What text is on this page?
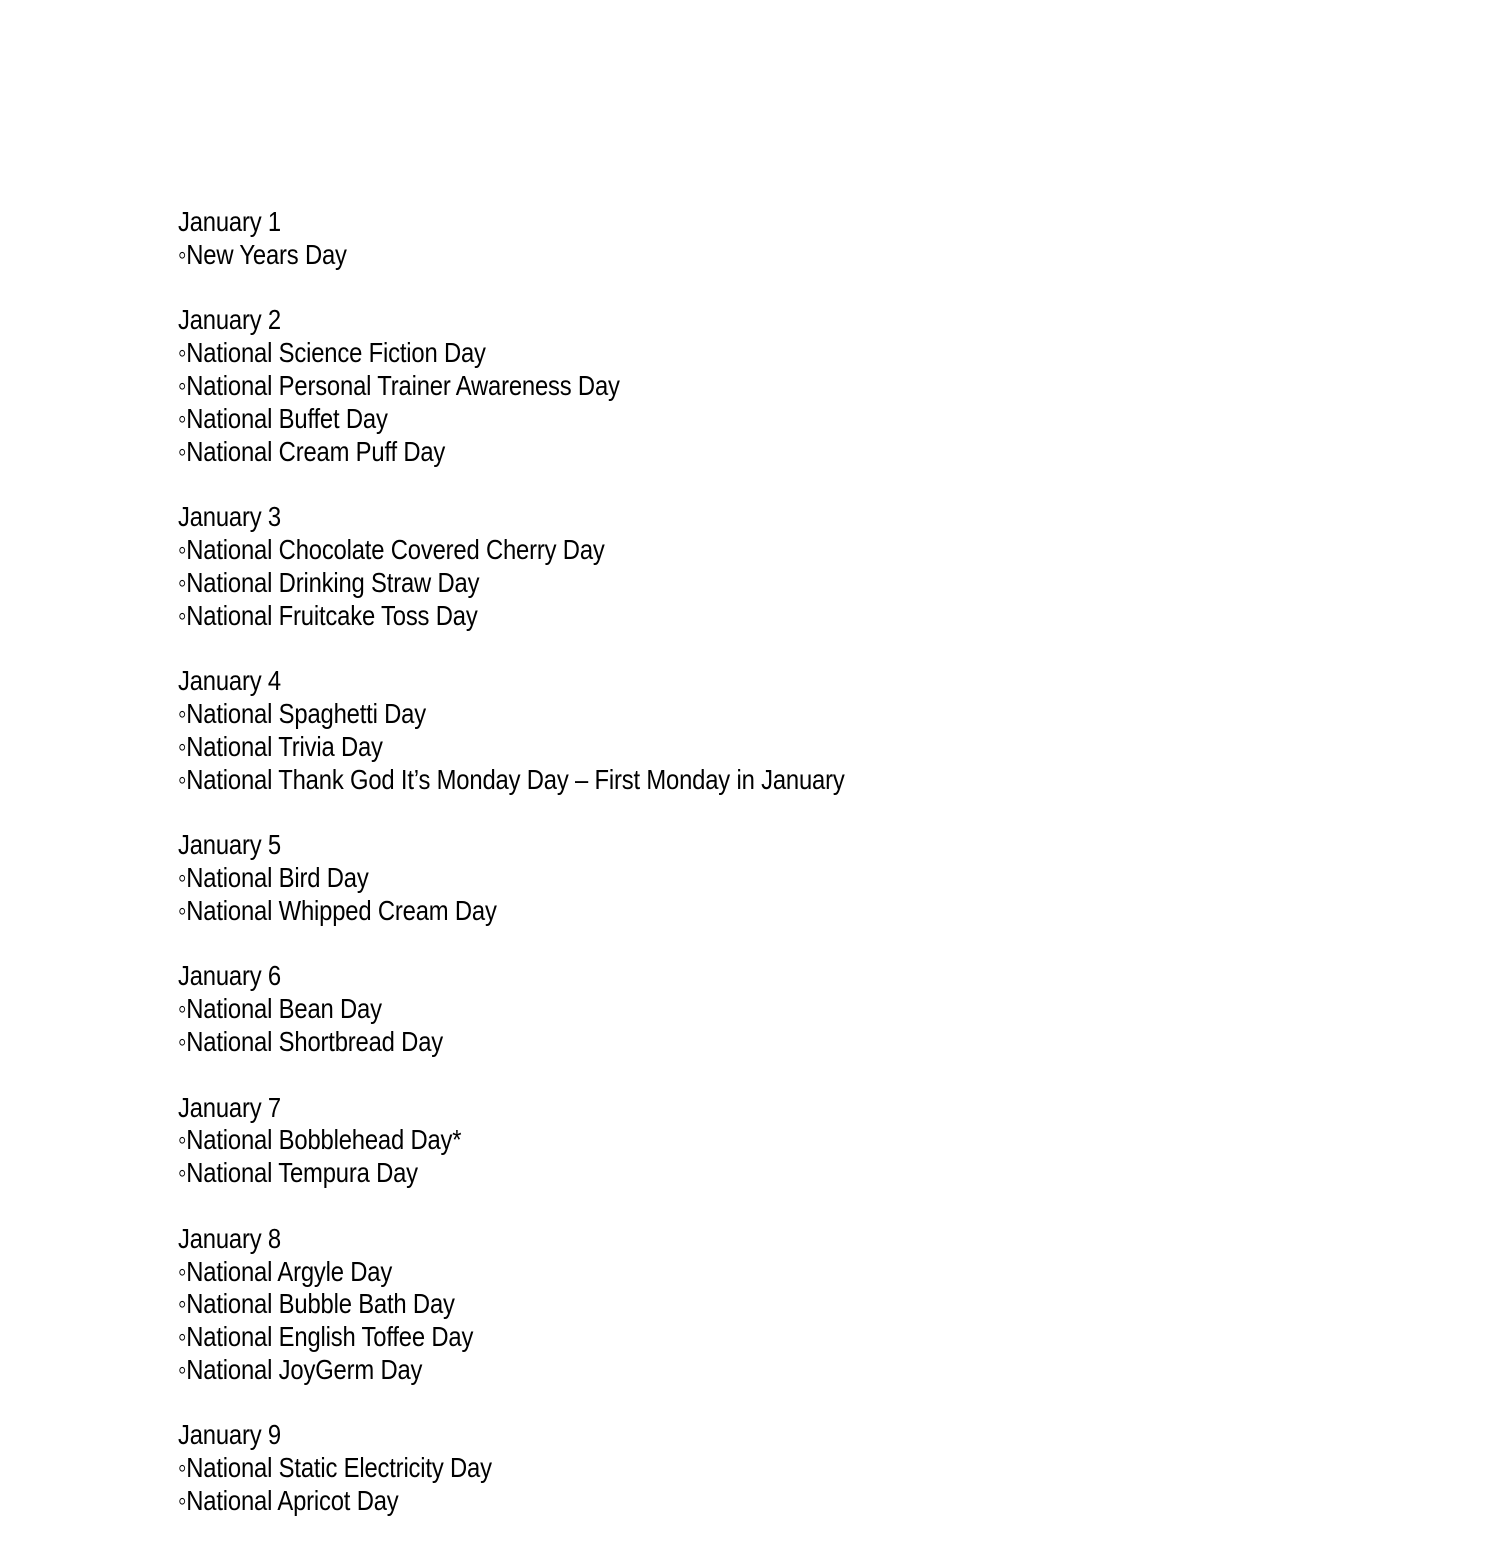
January 1
◦New Years Day
January 2
◦National Science Fiction Day
◦National Personal Trainer Awareness Day
◦National Buffet Day
◦National Cream Puff Day
January 3
◦National Chocolate Covered Cherry Day
◦National Drinking Straw Day
◦National Fruitcake Toss Day
January 4
◦National Spaghetti Day
◦National Trivia Day
◦National Thank God It’s Monday Day – First Monday in January
January 5
◦National Bird Day
◦National Whipped Cream Day
January 6
◦National Bean Day
◦National Shortbread Day
January 7
◦National Bobblehead Day*
◦National Tempura Day
January 8
◦National Argyle Day
◦National Bubble Bath Day
◦National English Toffee Day
◦National JoyGerm Day
January 9
◦National Static Electricity Day
◦National Apricot Day
